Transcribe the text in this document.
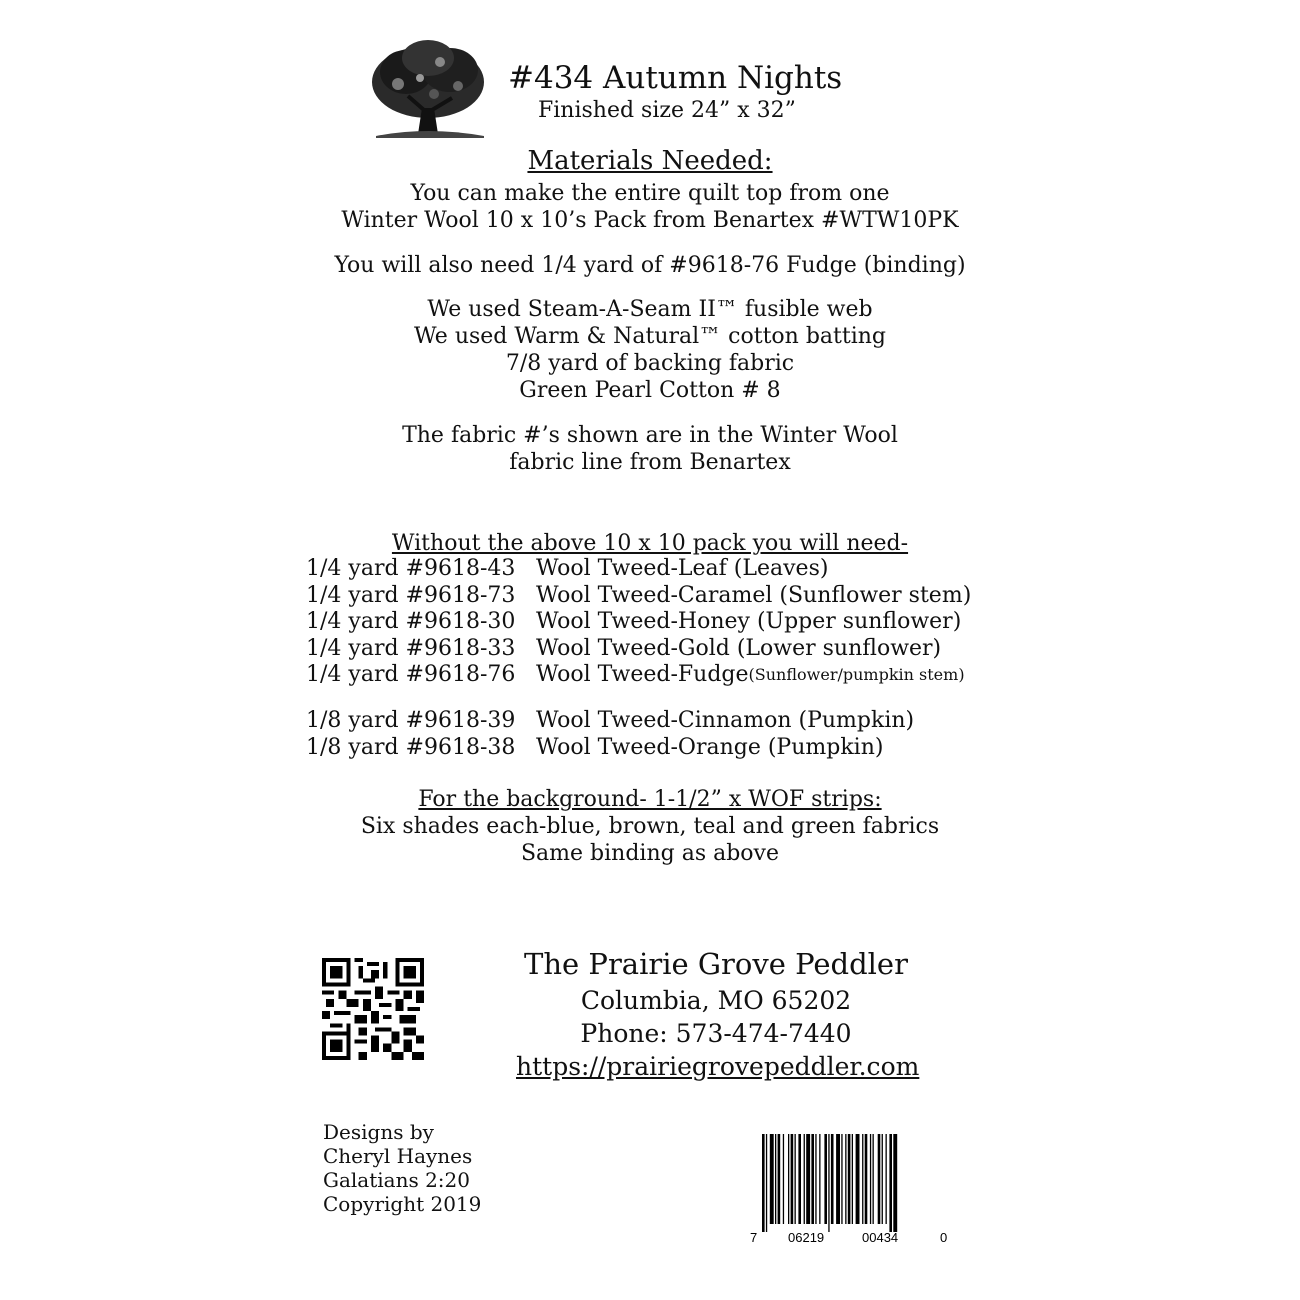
#434 Autumn Nights
Finished size 24” x 32”
Materials Needed:
You can make the entire quilt top from one
Winter Wool 10 x 10’s Pack from Benartex #WTW10PK
You will also need 1/4 yard of #9618-76 Fudge (binding)
We used Steam-A-Seam II™ fusible web
We used Warm & Natural™ cotton batting
7/8 yard of backing fabric
Green Pearl Cotton # 8
The fabric #’s shown are in the Winter Wool
fabric line from Benartex
Without the above 10 x 10 pack you will need-
1/4 yard #9618-43 Wool Tweed-Leaf (Leaves)
1/4 yard #9618-73 Wool Tweed-Caramel (Sunflower stem)
1/4 yard #9618-30 Wool Tweed-Honey (Upper sunflower)
1/4 yard #9618-33 Wool Tweed-Gold (Lower sunflower)
1/4 yard #9618-76 Wool Tweed-Fudge (Sunflower/pumpkin stem)
1/8 yard #9618-39 Wool Tweed-Cinnamon (Pumpkin)
1/8 yard #9618-38 Wool Tweed-Orange (Pumpkin)
For the background- 1-1/2” x WOF strips:
Six shades each-blue, brown, teal and green fabrics
Same binding as above
The Prairie Grove Peddler
Columbia, MO 65202
Phone: 573-474-7440
https://prairiegrovepeddler.com
Designs by
Cheryl Haynes
Galatians 2:20
Copyright 2019
7 06219	00434	0
